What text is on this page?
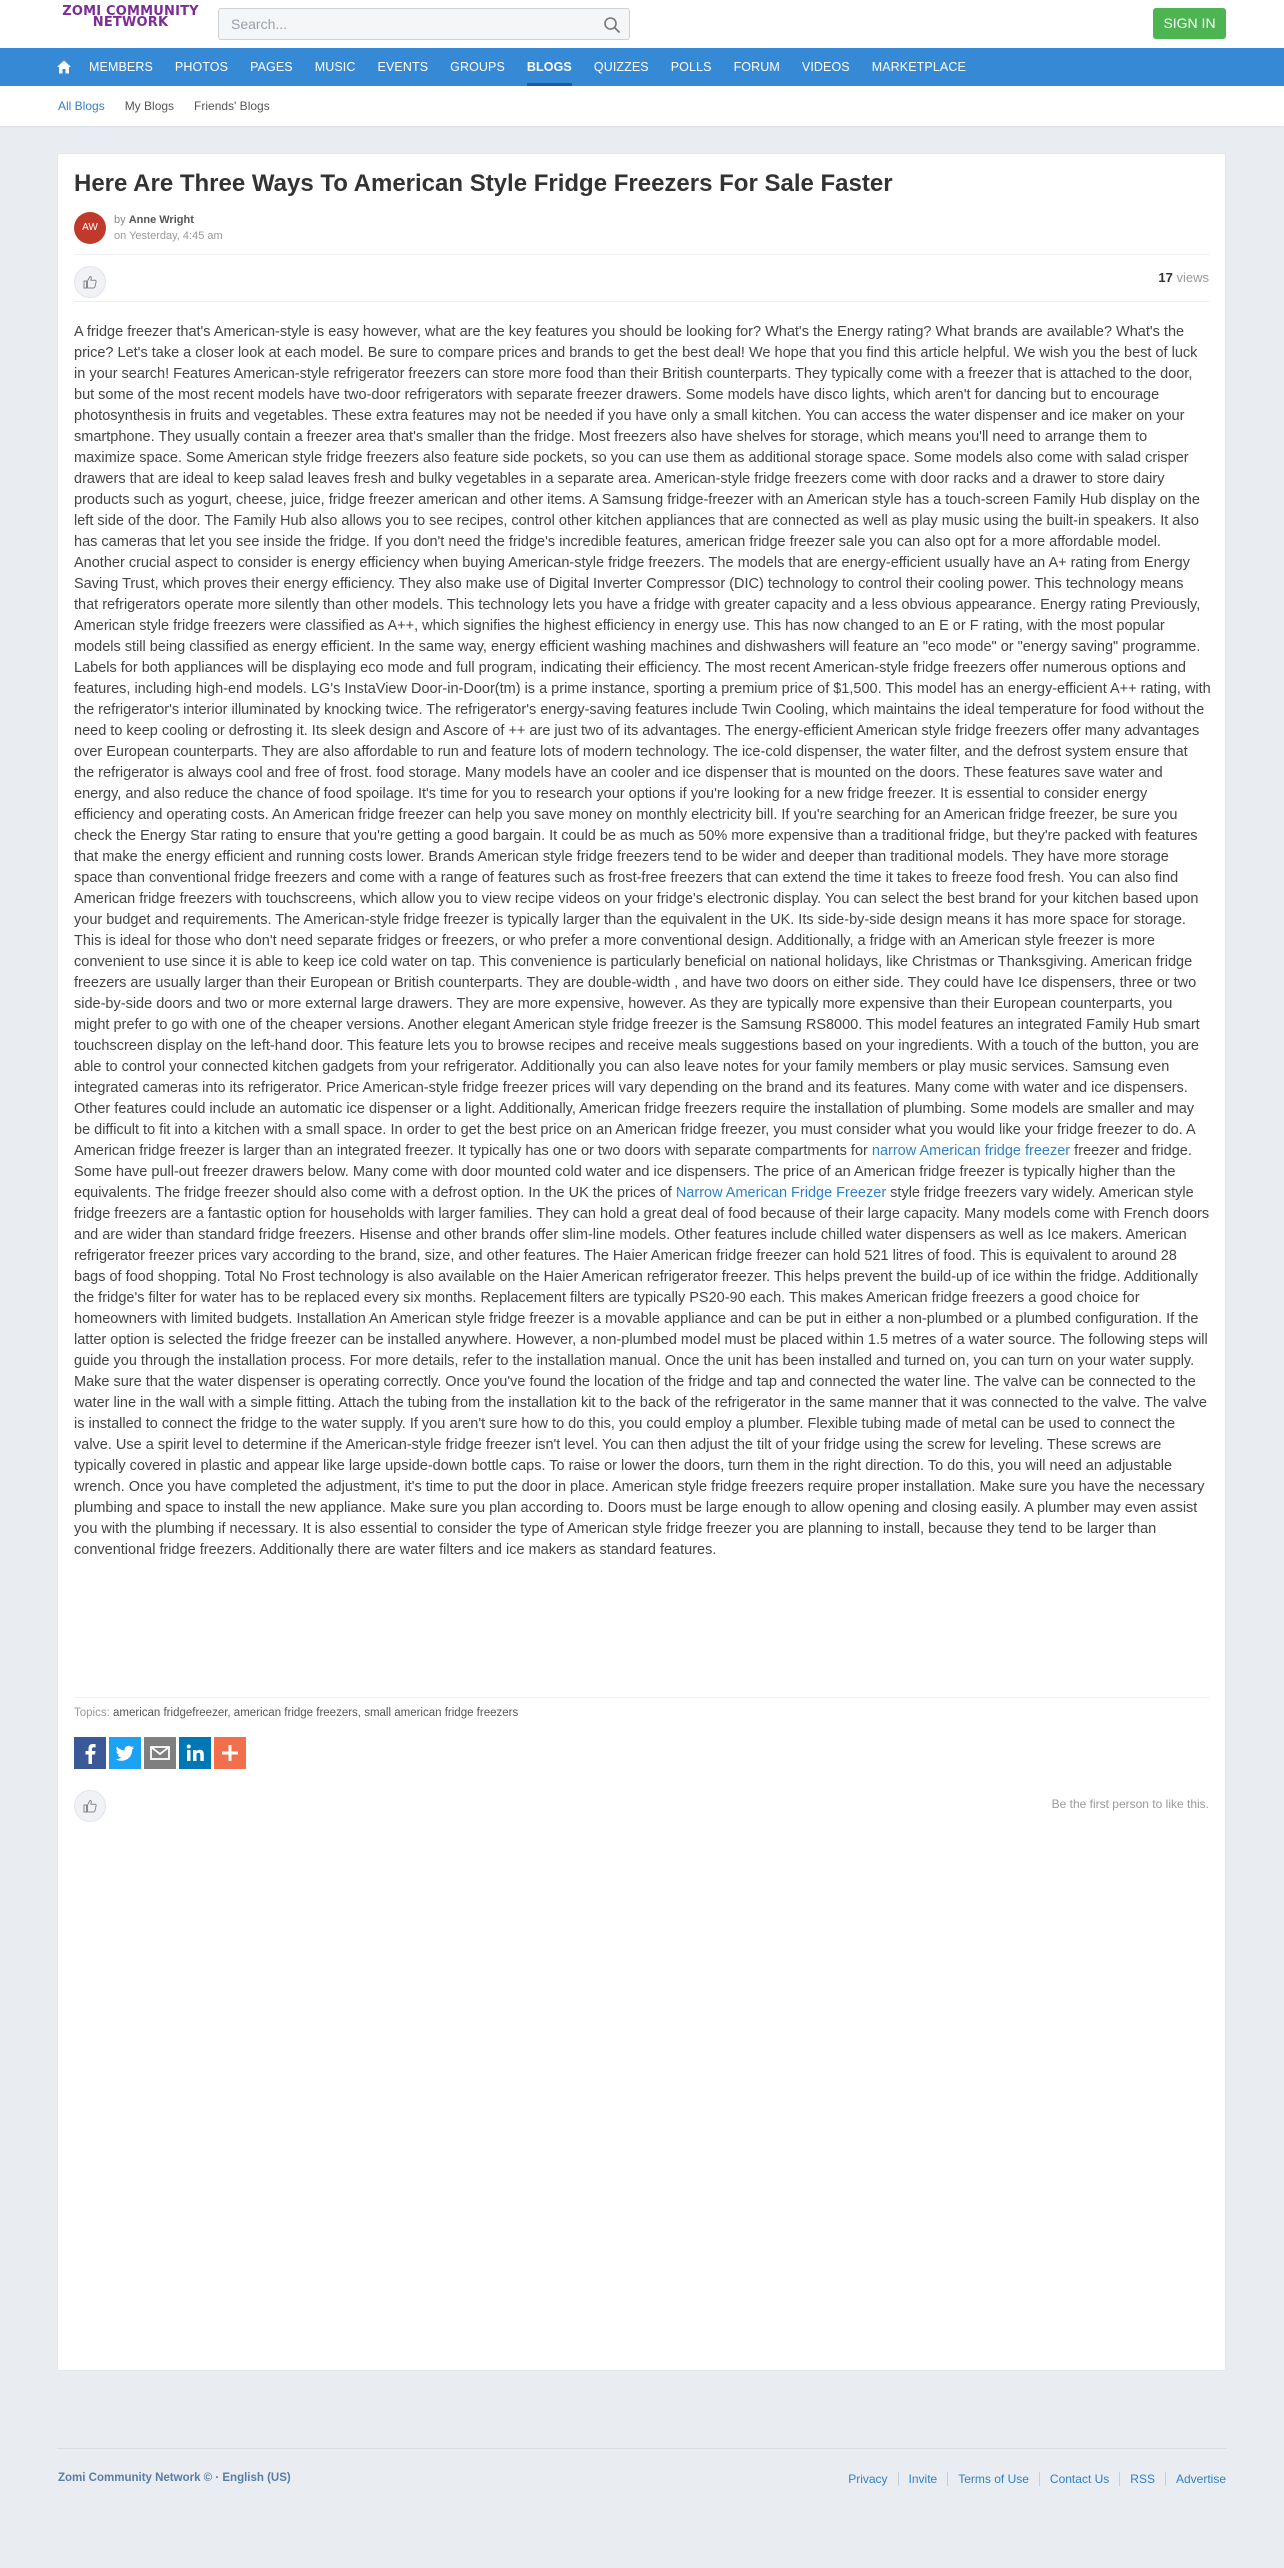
ZOMI COMMUNITY
NETWORK
Search...	SIGN IN
MEMBERS	PHOTOS	PAGES	MUSIC	EVENTS	GROUPS	BLOGS	QUIZZES	POLLS	FORUM	VIDEOS	MARKETPLACE
All Blogs My Blogs Friends' Blogs
Here Are Three Ways To American Style Fridge Freezers For Sale Faster
AW
by Anne Wright
on Yesterday, 4:45 am
17 views
A fridge freezer that's American-style is easy however, what are the key features you should be looking for? What's the Energy rating? What brands are available? What's the price? Let's take a closer look at each model. Be sure to compare prices and brands to get the best deal! We hope that you find this article helpful. We wish you the best of luck in your search! Features American-style refrigerator freezers can store more food than their British counterparts. They typically come with a freezer that is attached to the door, but some of the most recent models have two-door refrigerators with separate freezer drawers. Some models have disco lights, which aren't for dancing but to encourage photosynthesis in fruits and vegetables. These extra features may not be needed if you have only a small kitchen. You can access the water dispenser and ice maker on your smartphone. They usually contain a freezer area that's smaller than the fridge. Most freezers also have shelves for storage, which means you'll need to arrange them to maximize space. Some American style fridge freezers also feature side pockets, so you can use them as additional storage space. Some models also come with salad crisper drawers that are ideal to keep salad leaves fresh and bulky vegetables in a separate area. American-style fridge freezers come with door racks and a drawer to store dairy products such as yogurt, cheese, juice, fridge freezer american and other items. A Samsung fridge-freezer with an American style has a touch-screen Family Hub display on the left side of the door. The Family Hub also allows you to see recipes, control other kitchen appliances that are connected as well as play music using the built-in speakers. It also has cameras that let you see inside the fridge. If you don't need the fridge's incredible features, american fridge freezer sale you can also opt for a more affordable model. Another crucial aspect to consider is energy efficiency when buying American-style fridge freezers. The models that are energy-efficient usually have an A+ rating from Energy Saving Trust, which proves their energy efficiency. They also make use of Digital Inverter Compressor (DIC) technology to control their cooling power. This technology means that refrigerators operate more silently than other models. This technology lets you have a fridge with greater capacity and a less obvious appearance. Energy rating Previously, American style fridge freezers were classified as A++, which signifies the highest efficiency in energy use. This has now changed to an E or F rating, with the most popular models still being classified as energy efficient. In the same way, energy efficient washing machines and dishwashers will feature an "eco mode" or "energy saving" programme. Labels for both appliances will be displaying eco mode and full program, indicating their efficiency. The most recent American-style fridge freezers offer numerous options and features, including high-end models. LG's InstaView Door-in-Door(tm) is a prime instance, sporting a premium price of $1,500. This model has an energy-efficient A++ rating, with the refrigerator's interior illuminated by knocking twice. The refrigerator's energy-saving features include Twin Cooling, which maintains the ideal temperature for food without the need to keep cooling or defrosting it. Its sleek design and Ascore of ++ are just two of its advantages. The energy-efficient American style fridge freezers offer many advantages over European counterparts. They are also affordable to run and feature lots of modern technology. The ice-cold dispenser, the water filter, and the defrost system ensure that the refrigerator is always cool and free of frost. food storage. Many models have an cooler and ice dispenser that is mounted on the doors. These features save water and energy, and also reduce the chance of food spoilage. It's time for you to research your options if you're looking for a new fridge freezer. It is essential to consider energy efficiency and operating costs. An American fridge freezer can help you save money on monthly electricity bill. If you're searching for an American fridge freezer, be sure you check the Energy Star rating to ensure that you're getting a good bargain. It could be as much as 50% more expensive than a traditional fridge, but they're packed with features that make the energy efficient and running costs lower. Brands American style fridge freezers tend to be wider and deeper than traditional models. They have more storage space than conventional fridge freezers and come with a range of features such as frost-free freezers that can extend the time it takes to freeze food fresh. You can also find American fridge freezers with touchscreens, which allow you to view recipe videos on your fridge's electronic display. You can select the best brand for your kitchen based upon your budget and requirements. The American-style fridge freezer is typically larger than the equivalent in the UK. Its side-by-side design means it has more space for storage. This is ideal for those who don't need separate fridges or freezers, or who prefer a more conventional design. Additionally, a fridge with an American style freezer is more convenient to use since it is able to keep ice cold water on tap. This convenience is particularly beneficial on national holidays, like Christmas or Thanksgiving. American fridge freezers are usually larger than their European or British counterparts. They are double-width , and have two doors on either side. They could have Ice dispensers, three or two side-by-side doors and two or more external large drawers. They are more expensive, however. As they are typically more expensive than their European counterparts, you might prefer to go with one of the cheaper versions. Another elegant American style fridge freezer is the Samsung RS8000. This model features an integrated Family Hub smart touchscreen display on the left-hand door. This feature lets you to browse recipes and receive meals suggestions based on your ingredients. With a touch of the button, you are able to control your connected kitchen gadgets from your refrigerator. Additionally you can also leave notes for your family members or play music services. Samsung even integrated cameras into its refrigerator. Price American-style fridge freezer prices will vary depending on the brand and its features. Many come with water and ice dispensers. Other features could include an automatic ice dispenser or a light. Additionally, American fridge freezers require the installation of plumbing. Some models are smaller and may be difficult to fit into a kitchen with a small space. In order to get the best price on an American fridge freezer, you must consider what you would like your fridge freezer to do. A American fridge freezer is larger than an integrated freezer. It typically has one or two doors with separate compartments for narrow American fridge freezer freezer and fridge. Some have pull-out freezer drawers below. Many come with door mounted cold water and ice dispensers. The price of an American fridge freezer is typically higher than the equivalents. The fridge freezer should also come with a defrost option. In the UK the prices of Narrow American Fridge Freezer style fridge freezers vary widely. American style fridge freezers are a fantastic option for households with larger families. They can hold a great deal of food because of their large capacity. Many models come with French doors and are wider than standard fridge freezers. Hisense and other brands offer slim-line models. Other features include chilled water dispensers as well as Ice makers. American refrigerator freezer prices vary according to the brand, size, and other features. The Haier American fridge freezer can hold 521 litres of food. This is equivalent to around 28 bags of food shopping. Total No Frost technology is also available on the Haier American refrigerator freezer. This helps prevent the build-up of ice within the fridge. Additionally the fridge's filter for water has to be replaced every six months. Replacement filters are typically PS20-90 each. This makes American fridge freezers a good choice for homeowners with limited budgets. Installation An American style fridge freezer is a movable appliance and can be put in either a non-plumbed or a plumbed configuration. If the latter option is selected the fridge freezer can be installed anywhere. However, a non-plumbed model must be placed within 1.5 metres of a water source. The following steps will guide you through the installation process. For more details, refer to the installation manual. Once the unit has been installed and turned on, you can turn on your water supply. Make sure that the water dispenser is operating correctly. Once you've found the location of the fridge and tap and connected the water line. The valve can be connected to the water line in the wall with a simple fitting. Attach the tubing from the installation kit to the back of the refrigerator in the same manner that it was connected to the valve. The valve is installed to connect the fridge to the water supply. If you aren't sure how to do this, you could employ a plumber. Flexible tubing made of metal can be used to connect the valve. Use a spirit level to determine if the American-style fridge freezer isn't level. You can then adjust the tilt of your fridge using the screw for leveling. These screws are typically covered in plastic and appear like large upside-down bottle caps. To raise or lower the doors, turn them in the right direction. To do this, you will need an adjustable wrench. Once you have completed the adjustment, it's time to put the door in place. American style fridge freezers require proper installation. Make sure you have the necessary plumbing and space to install the new appliance. Make sure you plan according to. Doors must be large enough to allow opening and closing easily. A plumber may even assist you with the plumbing if necessary. It is also essential to consider the type of American style fridge freezer you are planning to install, because they tend to be larger than conventional fridge freezers. Additionally there are water filters and ice makers as standard features.
Topics: american fridgefreezer, american fridge freezers, small american fridge freezers
Be the first person to like this.
Zomi Community Network © · English (US)	Privacy	Invite	Terms of Use	Contact Us	RSS	Advertise
